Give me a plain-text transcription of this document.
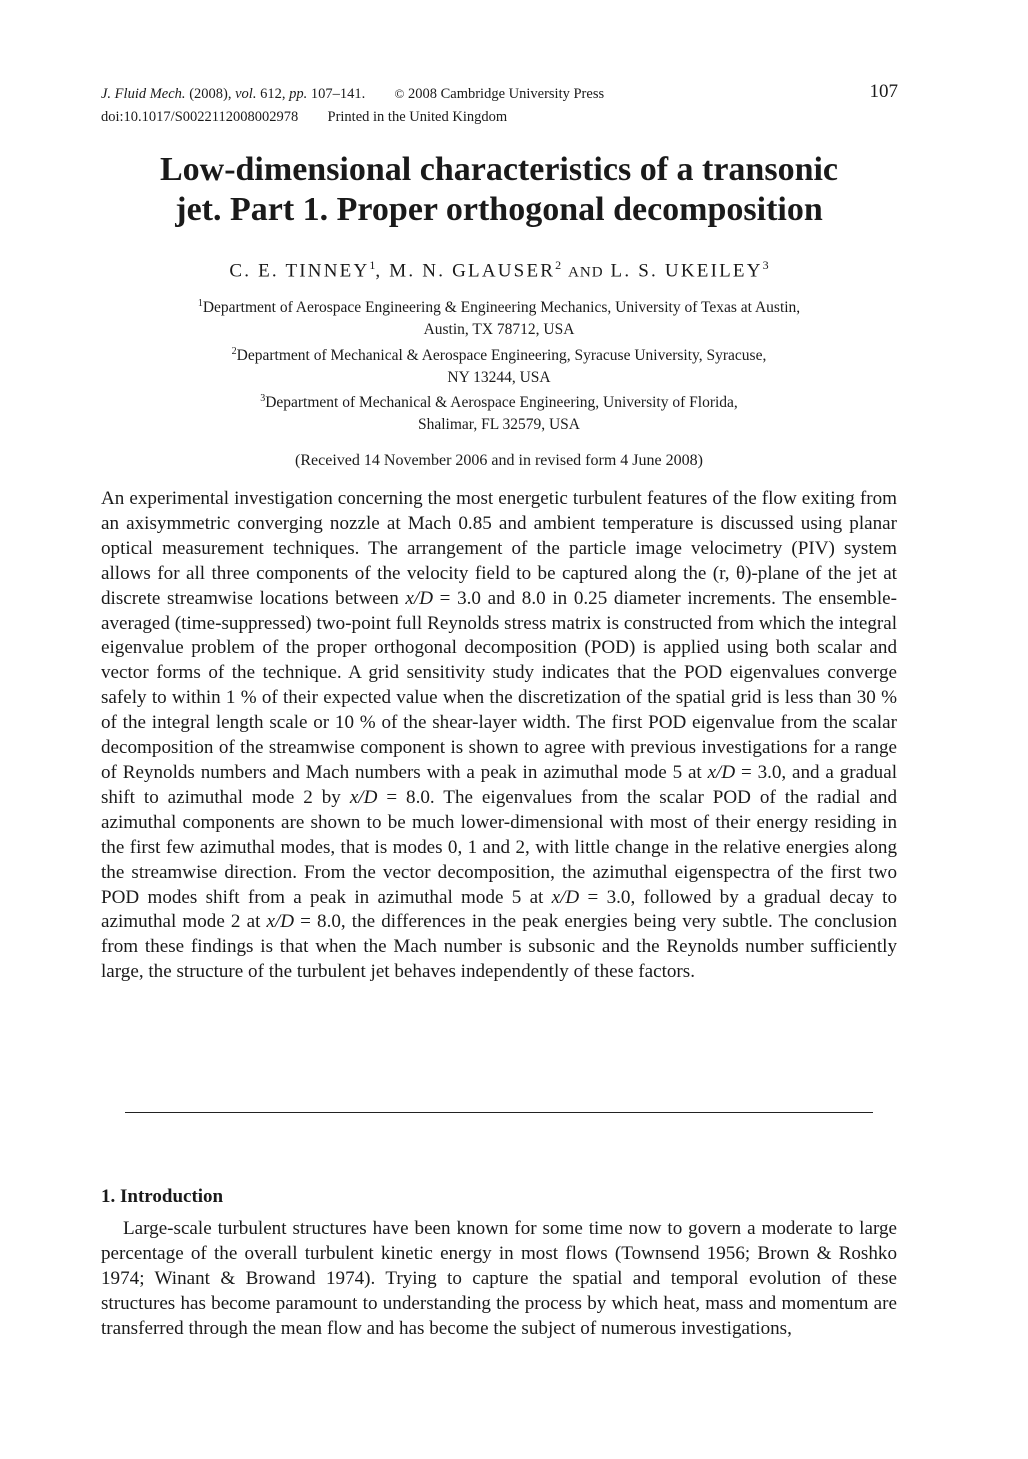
J. Fluid Mech. (2008), vol. 612, pp. 107–141. © 2008 Cambridge University Press
doi:10.1017/S0022112008002978 Printed in the United Kingdom
107
Low-dimensional characteristics of a transonic
jet. Part 1. Proper orthogonal decomposition
C. E. TINNEY$^1$, M. N. GLAUSER$^2$ AND L. S. UKEILEY$^3$
$^1$Department of Aerospace Engineering & Engineering Mechanics, University of Texas at Austin,
Austin, TX 78712, USA
$^2$Department of Mechanical & Aerospace Engineering, Syracuse University, Syracuse,
NY 13244, USA
$^3$Department of Mechanical & Aerospace Engineering, University of Florida,
Shalimar, FL 32579, USA
(Received 14 November 2006 and in revised form 4 June 2008)

An experimental investigation concerning the most energetic turbulent features of the flow exiting from an axisymmetric converging nozzle at Mach 0.85 and ambient temperature is discussed using planar optical measurement techniques. The arrangement of the particle image velocimetry (PIV) system allows for all three components of the velocity field to be captured along the (r, θ)-plane of the jet at discrete streamwise locations between x/D = 3.0 and 8.0 in 0.25 diameter increments. The ensemble-averaged (time-suppressed) two-point full Reynolds stress matrix is constructed from which the integral eigenvalue problem of the proper orthogonal decomposition (POD) is applied using both scalar and vector forms of the technique. A grid sensitivity study indicates that the POD eigenvalues converge safely to within 1 % of their expected value when the discretization of the spatial grid is less than 30 % of the integral length scale or 10 % of the shear-layer width. The first POD eigenvalue from the scalar decomposition of the streamwise component is shown to agree with previous investigations for a range of Reynolds numbers and Mach numbers with a peak in azimuthal mode 5 at x/D = 3.0, and a gradual shift to azimuthal mode 2 by x/D = 8.0. The eigenvalues from the scalar POD of the radial and azimuthal components are shown to be much lower-dimensional with most of their energy residing in the first few azimuthal modes, that is modes 0, 1 and 2, with little change in the relative energies along the streamwise direction. From the vector decomposition, the azimuthal eigenspectra of the first two POD modes shift from a peak in azimuthal mode 5 at x/D = 3.0, followed by a gradual decay to azimuthal mode 2 at x/D = 8.0, the differences in the peak energies being very subtle. The conclusion from these findings is that when the Mach number is subsonic and the Reynolds number sufficiently large, the structure of the turbulent jet behaves independently of these factors.

1. Introduction

Large-scale turbulent structures have been known for some time now to govern a moderate to large percentage of the overall turbulent kinetic energy in most flows (Townsend 1956; Brown & Roshko 1974; Winant & Browand 1974). Trying to capture the spatial and temporal evolution of these structures has become paramount to understanding the process by which heat, mass and momentum are transferred through the mean flow and has become the subject of numerous investigations,
